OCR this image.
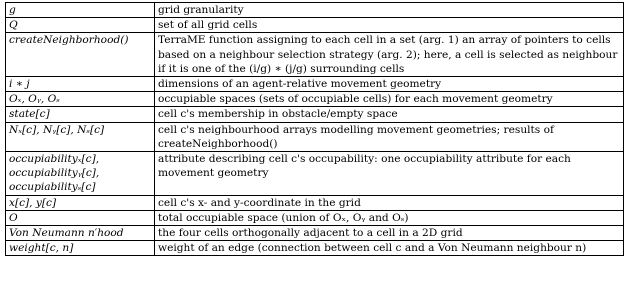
g	grid granularity
Q	set of all grid cells
createNeighborhood()	TerraME function assigning to each cell in a set (arg. 1) an array of pointers to cells based on a neighbour selection strategy (arg. 2); here, a cell is selected as neighbour if it is one of the (i/g) ∗ (j/g) surrounding cells
i ∗ j	dimensions of an agent-relative movement geometry
Oₓ, Oᵧ, Oₛ	occupiable spaces (sets of occupiable cells) for each movement geometry
state[c]	cell c's membership in obstacle/empty space
Nₓ[c], Nᵧ[c], Nₛ[c]	cell c's neighbourhood arrays modelling movement geometries; results of createNeighborhood()

occupiabilityₓ[c],
occupiabilityᵧ[c],
occupiabilityₛ[c]	attribute describing cell c's occupability: one occupiability attribute for each movement geometry
x[c], y[c]	cell c's x- and y-coordinate in the grid
O	total occupiable space (union of Oₓ, Oᵧ and Oₛ)
Von Neumann n′hood	the four cells orthogonally adjacent to a cell in a 2D grid
weight[c, n]	weight of an edge (connection between cell c and a Von Neumann neighbour n)
